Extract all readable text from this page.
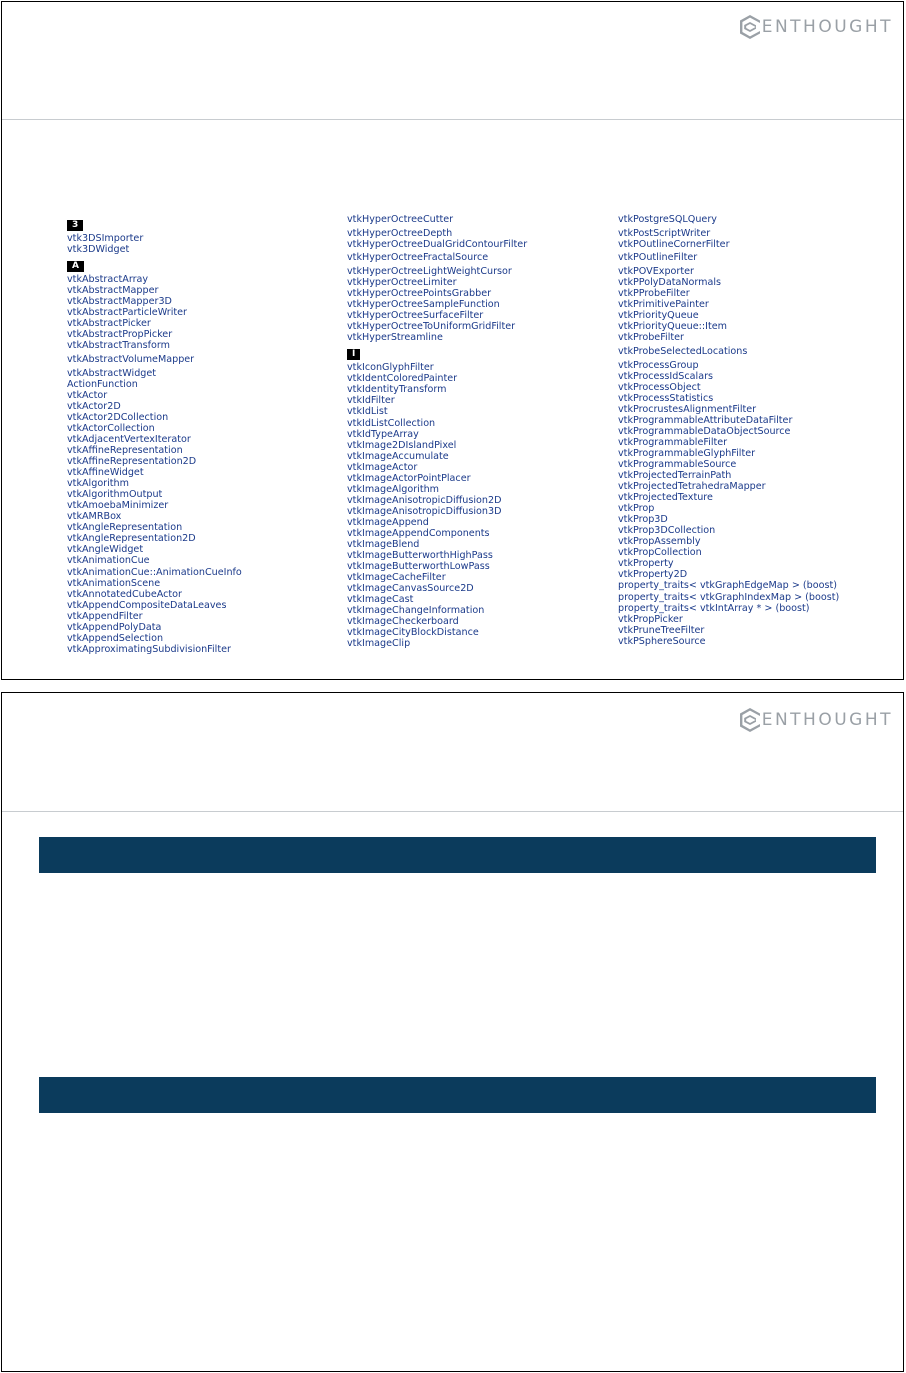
ENTHOUGHT
3
vtk3DSImporter
vtk3DWidget
A
vtkAbstractArray
vtkAbstractMapper
vtkAbstractMapper3D
vtkAbstractParticleWriter
vtkAbstractPicker
vtkAbstractPropPicker
vtkAbstractTransform
vtkAbstractVolumeMapper
vtkAbstractWidget
ActionFunction
vtkActor
vtkActor2D
vtkActor2DCollection
vtkActorCollection
vtkAdjacentVertexIterator
vtkAffineRepresentation
vtkAffineRepresentation2D
vtkAffineWidget
vtkAlgorithm
vtkAlgorithmOutput
vtkAmoebaMinimizer
vtkAMRBox
vtkAngleRepresentation
vtkAngleRepresentation2D
vtkAngleWidget
vtkAnimationCue
vtkAnimationCue::AnimationCueInfo
vtkAnimationScene
vtkAnnotatedCubeActor
vtkAppendCompositeDataLeaves
vtkAppendFilter
vtkAppendPolyData
vtkAppendSelection
vtkApproximatingSubdivisionFilter
vtkHyperOctreeCutter
vtkHyperOctreeDepth
vtkHyperOctreeDualGridContourFilter
vtkHyperOctreeFractalSource
vtkHyperOctreeLightWeightCursor
vtkHyperOctreeLimiter
vtkHyperOctreePointsGrabber
vtkHyperOctreeSampleFunction
vtkHyperOctreeSurfaceFilter
vtkHyperOctreeToUniformGridFilter
vtkHyperStreamline
I
vtkIconGlyphFilter
vtkIdentColoredPainter
vtkIdentityTransform
vtkIdFilter
vtkIdList
vtkIdListCollection
vtkIdTypeArray
vtkImage2DIslandPixel
vtkImageAccumulate
vtkImageActor
vtkImageActorPointPlacer
vtkImageAlgorithm
vtkImageAnisotropicDiffusion2D
vtkImageAnisotropicDiffusion3D
vtkImageAppend
vtkImageAppendComponents
vtkImageBlend
vtkImageButterworthHighPass
vtkImageButterworthLowPass
vtkImageCacheFilter
vtkImageCanvasSource2D
vtkImageCast
vtkImageChangeInformation
vtkImageCheckerboard
vtkImageCityBlockDistance
vtkImageClip
vtkPostgreSQLQuery
vtkPostScriptWriter
vtkPOutlineCornerFilter
vtkPOutlineFilter
vtkPOVExporter
vtkPPolyDataNormals
vtkPProbeFilter
vtkPrimitivePainter
vtkPriorityQueue
vtkPriorityQueue::Item
vtkProbeFilter
vtkProbeSelectedLocations
vtkProcessGroup
vtkProcessIdScalars
vtkProcessObject
vtkProcessStatistics
vtkProcrustesAlignmentFilter
vtkProgrammableAttributeDataFilter
vtkProgrammableDataObjectSource
vtkProgrammableFilter
vtkProgrammableGlyphFilter
vtkProgrammableSource
vtkProjectedTerrainPath
vtkProjectedTetrahedraMapper
vtkProjectedTexture
vtkProp
vtkProp3D
vtkProp3DCollection
vtkPropAssembly
vtkPropCollection
vtkProperty
vtkProperty2D
property_traits< vtkGraphEdgeMap > (boost)
property_traits< vtkGraphIndexMap > (boost)
property_traits< vtkIntArray * > (boost)
vtkPropPicker
vtkPruneTreeFilter
vtkPSphereSource
ENTHOUGHT
